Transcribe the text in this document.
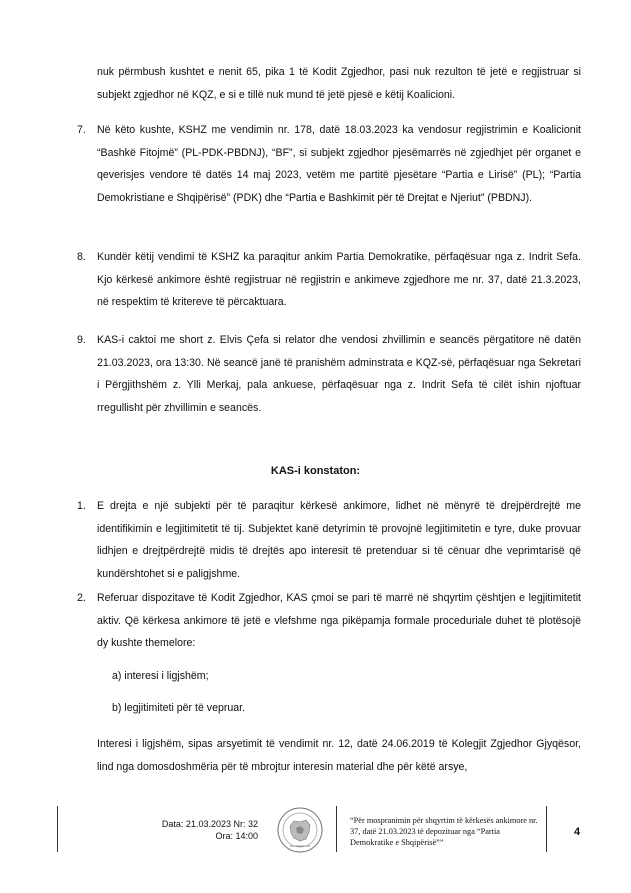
nuk përmbush kushtet e nenit 65, pika 1 të Kodit Zgjedhor, pasi nuk rezulton të jetë e regjistruar si subjekt zgjedhor në KQZ, e si e tillë nuk mund të jetë pjesë e këtij Koalicioni.

7. Në këto kushte, KSHZ me vendimin nr. 178, datë 18.03.2023 ka vendosur regjistrimin e Koalicionit “Bashkë Fitojmë” (PL-PDK-PBDNJ), “BF”, si subjekt zgjedhor pjesëmarrës në zgjedhjet për organet e qeverisjes vendore të datës 14 maj 2023, vetëm me partitë pjesëtare “Partia e Lirisë” (PL); “Partia Demokristiane e Shqipërisë” (PDK) dhe “Partia e Bashkimit për të Drejtat e Njeriut” (PBDNJ).

8. Kundër këtij vendimi të KSHZ ka paraqitur ankim Partia Demokratike, përfaqësuar nga z. Indrit Sefa. Kjo kërkesë ankimore është regjistruar në regjistrin e ankimeve zgjedhore me nr. 37, datë 21.3.2023, në respektim të kritereve të përcaktuara.

9. KAS-i caktoi me short z. Elvis Çefa si relator dhe vendosi zhvillimin e seancës përgatitore në datën 21.03.2023, ora 13:30. Në seancë janë të pranishëm adminstrata e KQZ-së, përfaqësuar nga Sekretari i Përgjithshëm z. Ylli Merkaj, pala ankuese, përfaqësuar nga z. Indrit Sefa të cilët ishin njoftuar rregullisht për zhvillimin e seancës.

KAS-i konstaton:
1. E drejta e një subjekti për të paraqitur kërkesë ankimore, lidhet në mënyrë të drejpërdrejtë me identifikimin e legjitimitetit të tij. Subjektet kanë detyrimin të provojnë legjitimitetin e tyre, duke provuar lidhjen e drejtpërdrejtë midis të drejtës apo interesit të pretenduar si të cënuar dhe veprimtarisë që kundërshtohet si e paligjshme.

2. Referuar dispozitave të Kodit Zgjedhor, KAS çmoi se pari të marrë në shqyrtim çështjen e legjitimitetit aktiv. Që kërkesa ankimore të jetë e vlefshme nga pikëpamja formale proceduriale duhet të plotësojë dy kushte themelore:

a) interesi i ligjshëm;

b) legjitimiteti për të vepruar.

Interesi i ligjshëm, sipas arsyetimit të vendimit nr. 12, datë 24.06.2019 të Kolegjit Zgjedhor Gjyqësor, lind nga domosdoshmëria për të mbrojtur interesin material dhe për këtë arsye,

Data: 21.03.2023 Nr: 32
Ora: 14:00
“Për mospranimin për shqyrtim të kërkesës ankimore nr. 37, datë 21.03.2023 të depozituar nga “Partia Demokratike e Shqipërisë””
4
